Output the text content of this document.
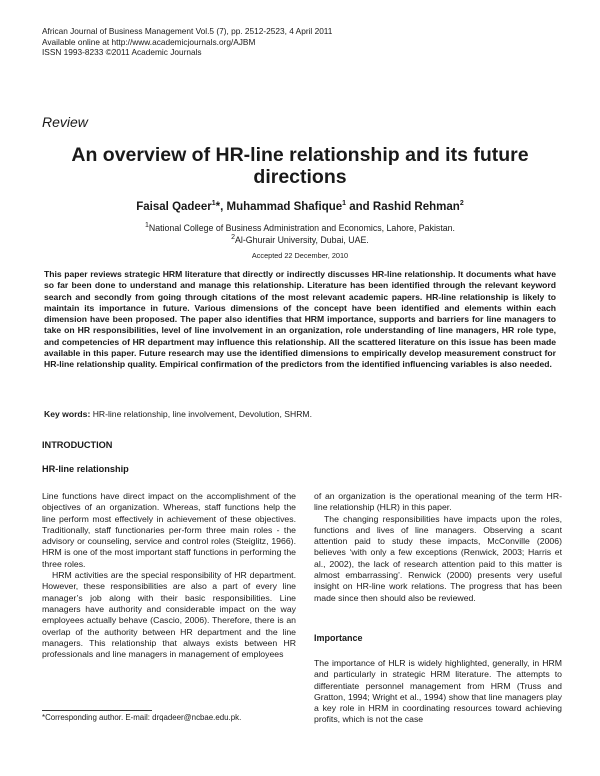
African Journal of Business Management Vol.5 (7), pp. 2512-2523, 4 April 2011
Available online at http://www.academicjournals.org/AJBM
ISSN 1993-8233 ©2011 Academic Journals
Review
An overview of HR-line relationship and its future directions
Faisal Qadeer$^1$*, Muhammad Shafique$^1$ and Rashid Rehman$^2$
$^1$National College of Business Administration and Economics, Lahore, Pakistan.
$^2$Al-Ghurair University, Dubai, UAE.
Accepted 22 December, 2010
This paper reviews strategic HRM literature that directly or indirectly discusses HR-line relationship. It documents what have so far been done to understand and manage this relationship. Literature has been identified through the relevant keyword search and secondly from going through citations of the most relevant academic papers. HR-line relationship is likely to maintain its importance in future. Various dimensions of the concept have been identified and elements within each dimension have been proposed. The paper also identifies that HRM importance, supports and barriers for line managers to take on HR responsibilities, level of line involvement in an organization, role understanding of line managers, HR role type, and competencies of HR department may influence this relationship. All the scattered literature on this issue has been made available in this paper. Future research may use the identified dimensions to empirically develop measurement construct for HR-line relationship quality. Empirical confirmation of the predictors from the identified influencing variables is also needed.
Key words: HR-line relationship, line involvement, Devolution, SHRM.
INTRODUCTION
HR-line relationship

Line functions have direct impact on the accomplishment of the objectives of an organization. Whereas, staff functions help the line perform most effectively in achievement of these objectives. Traditionally, staff functionaries per-form three main roles - the advisory or counseling, service and control roles (Steiglitz, 1966). HRM is one of the most important staff functions in performing the three roles.

HRM activities are the special responsibility of HR department. However, these responsibilities are also a part of every line manager’s job along with their basic responsibilities. Line managers have authority and considerable impact on the way employees actually behave (Cascio, 2006). Therefore, there is an overlap of the authority between HR department and the line managers. This relationship that always exists between HR professionals and line managers in management of employees

of an organization is the operational meaning of the term HR-line relationship (HLR) in this paper.

The changing responsibilities have impacts upon the roles, functions and lives of line managers. Observing a scant attention paid to study these impacts, McConville (2006) believes ‘with only a few exceptions (Renwick, 2003; Harris et al., 2002), the lack of research attention paid to this matter is almost embarrassing’. Renwick (2000) presents very useful insight on HR-line work relations. The progress that has been made since then should also be reviewed.

Importance

The importance of HLR is widely highlighted, generally, in HRM and particularly in strategic HRM literature. The attempts to differentiate personnel management from HRM (Truss and Gratton, 1994; Wright et al., 1994) show that line managers play a key role in HRM in coordinating resources toward achieving profits, which is not the case

*Corresponding author. E-mail: drqadeer@ncbae.edu.pk.
